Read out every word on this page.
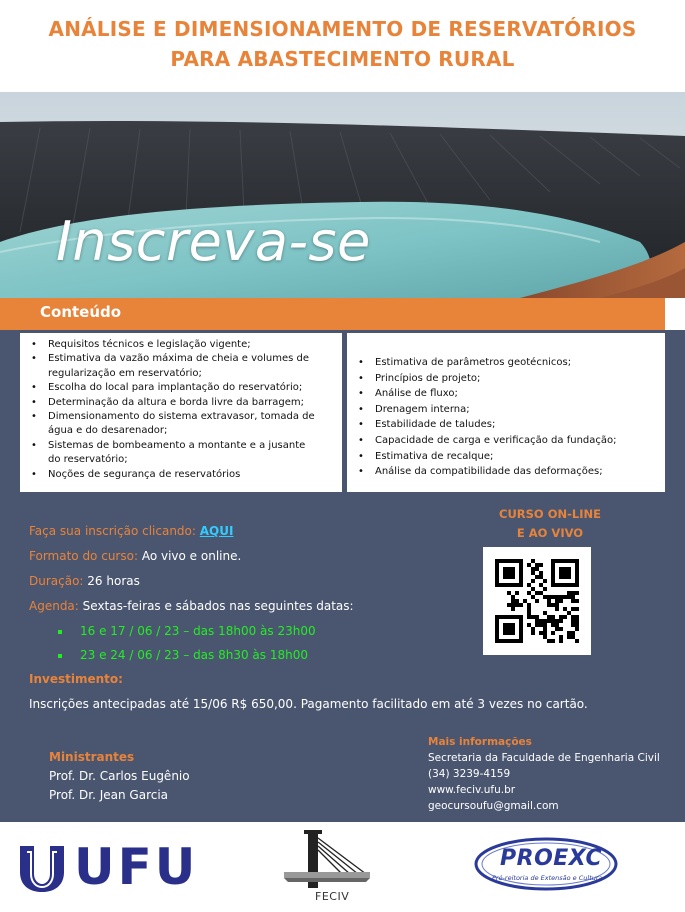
ANÁLISE E DIMENSIONAMENTO DE RESERVATÓRIOS
PARA ABASTECIMENTO RURAL
Inscreva-se
Conteúdo
• Requisitos técnicos e legislação vigente;
• Estimativa da vazão máxima de cheia e volumes de
regularização em reservatório;
• Escolha do local para implantação do reservatório;
• Determinação da altura e borda livre da barragem;
• Dimensionamento do sistema extravasor, tomada de
água e do desarenador;
• Sistemas de bombeamento a montante e a jusante
do reservatório;
• Noções de segurança de reservatórios
• Estimativa de parâmetros geotécnicos;
• Princípios de projeto;
• Análise de fluxo;
• Drenagem interna;
• Estabilidade de taludes;
• Capacidade de carga e verificação da fundação;
• Estimativa de recalque;
• Análise da compatibilidade das deformações;
Faça sua inscrição clicando: AQUI
Formato do curso: Ao vivo e online.
Duração: 26 horas
Agenda: Sextas-feiras e sábados nas seguintes datas:
16 e 17 / 06 / 23 – das 18h00 às 23h00
23 e 24 / 06 / 23 – das 8h30 às 18h00
Investimento:
Inscrições antecipadas até 15/06 R$ 650,00. Pagamento facilitado em até 3 vezes no cartão.
CURSO ON-LINE
E AO VIVO
Ministrantes
Prof. Dr. Carlos Eugênio
Prof. Dr. Jean Garcia
Mais informações
Secretaria da Faculdade de Engenharia Civil
(34) 3239-4159
www.feciv.ufu.br
geocursoufu@gmail.com
UFU
FECIV
PROEXC
Pró-reitoria de Extensão e Cultura
